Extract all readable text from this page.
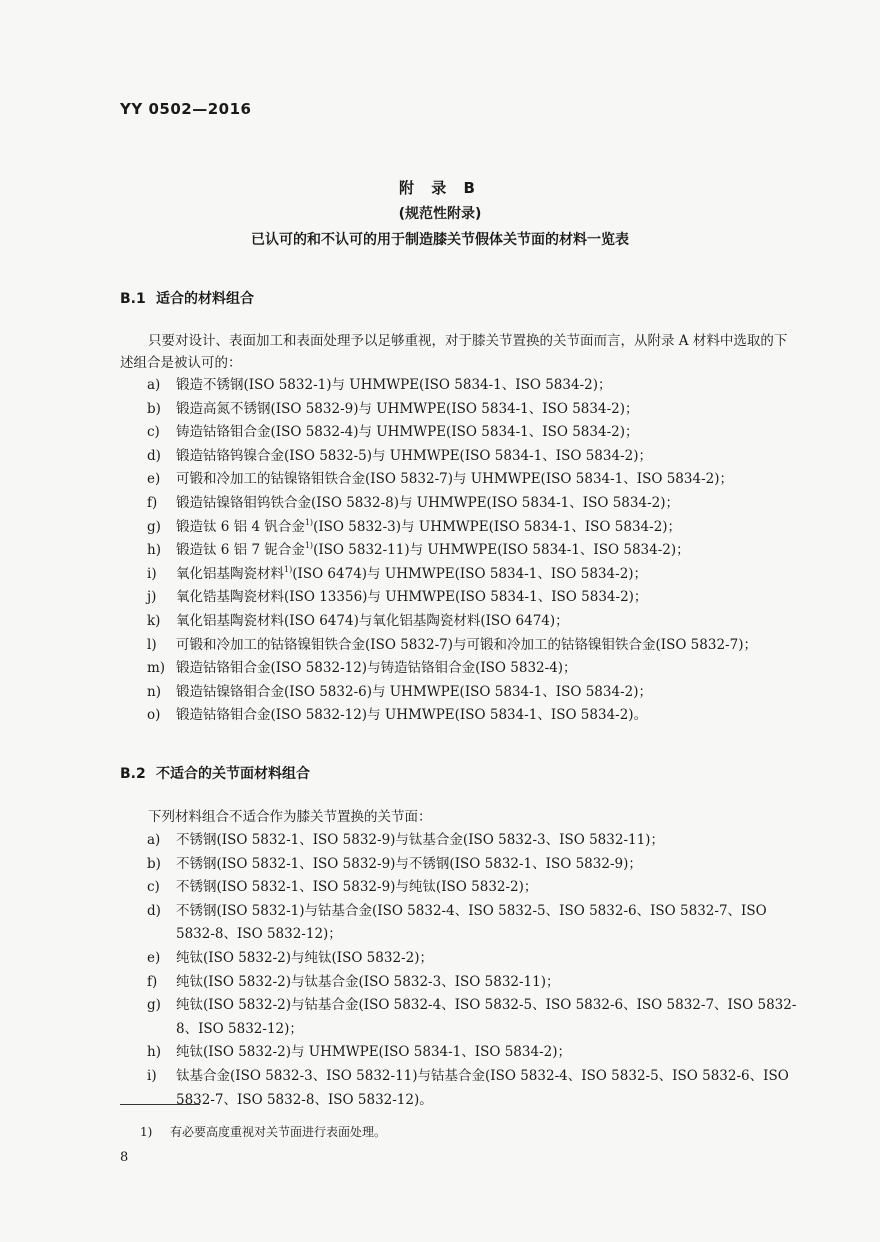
YY 0502—2016
附 录 B
(规范性附录)
已认可的和不认可的用于制造膝关节假体关节面的材料一览表
B.1 适合的材料组合
只要对设计、表面加工和表面处理予以足够重视，对于膝关节置换的关节面而言，从附录 A 材料中选取的下述组合是被认可的：
a) 锻造不锈钢(ISO 5832-1)与 UHMWPE(ISO 5834-1、ISO 5834-2)；
b) 锻造高氮不锈钢(ISO 5832-9)与 UHMWPE(ISO 5834-1、ISO 5834-2)；
c) 铸造钴铬钼合金(ISO 5832-4)与 UHMWPE(ISO 5834-1、ISO 5834-2)；
d) 锻造钴铬钨镍合金(ISO 5832-5)与 UHMWPE(ISO 5834-1、ISO 5834-2)；
e) 可锻和冷加工的钴镍铬钼铁合金(ISO 5832-7)与 UHMWPE(ISO 5834-1、ISO 5834-2)；
f) 锻造钴镍铬钼钨铁合金(ISO 5832-8)与 UHMWPE(ISO 5834-1、ISO 5834-2)；
g) 锻造钛 6 铝 4 钒合金$^{1)}$(ISO 5832-3)与 UHMWPE(ISO 5834-1、ISO 5834-2)；
h) 锻造钛 6 铝 7 铌合金$^{1)}$(ISO 5832-11)与 UHMWPE(ISO 5834-1、ISO 5834-2)；
i) 氧化铝基陶瓷材料$^{1)}$(ISO 6474)与 UHMWPE(ISO 5834-1、ISO 5834-2)；
j) 氧化锆基陶瓷材料(ISO 13356)与 UHMWPE(ISO 5834-1、ISO 5834-2)；
k) 氧化铝基陶瓷材料(ISO 6474)与氧化铝基陶瓷材料(ISO 6474)；
l) 可锻和冷加工的钴铬镍钼铁合金(ISO 5832-7)与可锻和冷加工的钴铬镍钼铁合金(ISO 5832-7)；
m) 锻造钴铬钼合金(ISO 5832-12)与铸造钴铬钼合金(ISO 5832-4)；
n) 锻造钴镍铬钼合金(ISO 5832-6)与 UHMWPE(ISO 5834-1、ISO 5834-2)；
o) 锻造钴铬钼合金(ISO 5832-12)与 UHMWPE(ISO 5834-1、ISO 5834-2)。
B.2 不适合的关节面材料组合
下列材料组合不适合作为膝关节置换的关节面：
a) 不锈钢(ISO 5832-1、ISO 5832-9)与钛基合金(ISO 5832-3、ISO 5832-11)；
b) 不锈钢(ISO 5832-1、ISO 5832-9)与不锈钢(ISO 5832-1、ISO 5832-9)；
c) 不锈钢(ISO 5832-1、ISO 5832-9)与纯钛(ISO 5832-2)；
d) 不锈钢(ISO 5832-1)与钴基合金(ISO 5832-4、ISO 5832-5、ISO 5832-6、ISO 5832-7、ISO 5832-8、ISO 5832-12)；
e) 纯钛(ISO 5832-2)与纯钛(ISO 5832-2)；
f) 纯钛(ISO 5832-2)与钛基合金(ISO 5832-3、ISO 5832-11)；
g) 纯钛(ISO 5832-2)与钴基合金(ISO 5832-4、ISO 5832-5、ISO 5832-6、ISO 5832-7、ISO 5832-8、ISO 5832-12)；
h) 纯钛(ISO 5832-2)与 UHMWPE(ISO 5834-1、ISO 5834-2)；
i) 钛基合金(ISO 5832-3、ISO 5832-11)与钴基合金(ISO 5832-4、ISO 5832-5、ISO 5832-6、ISO 5832-7、ISO 5832-8、ISO 5832-12)。
1) 有必要高度重视对关节面进行表面处理。
8
